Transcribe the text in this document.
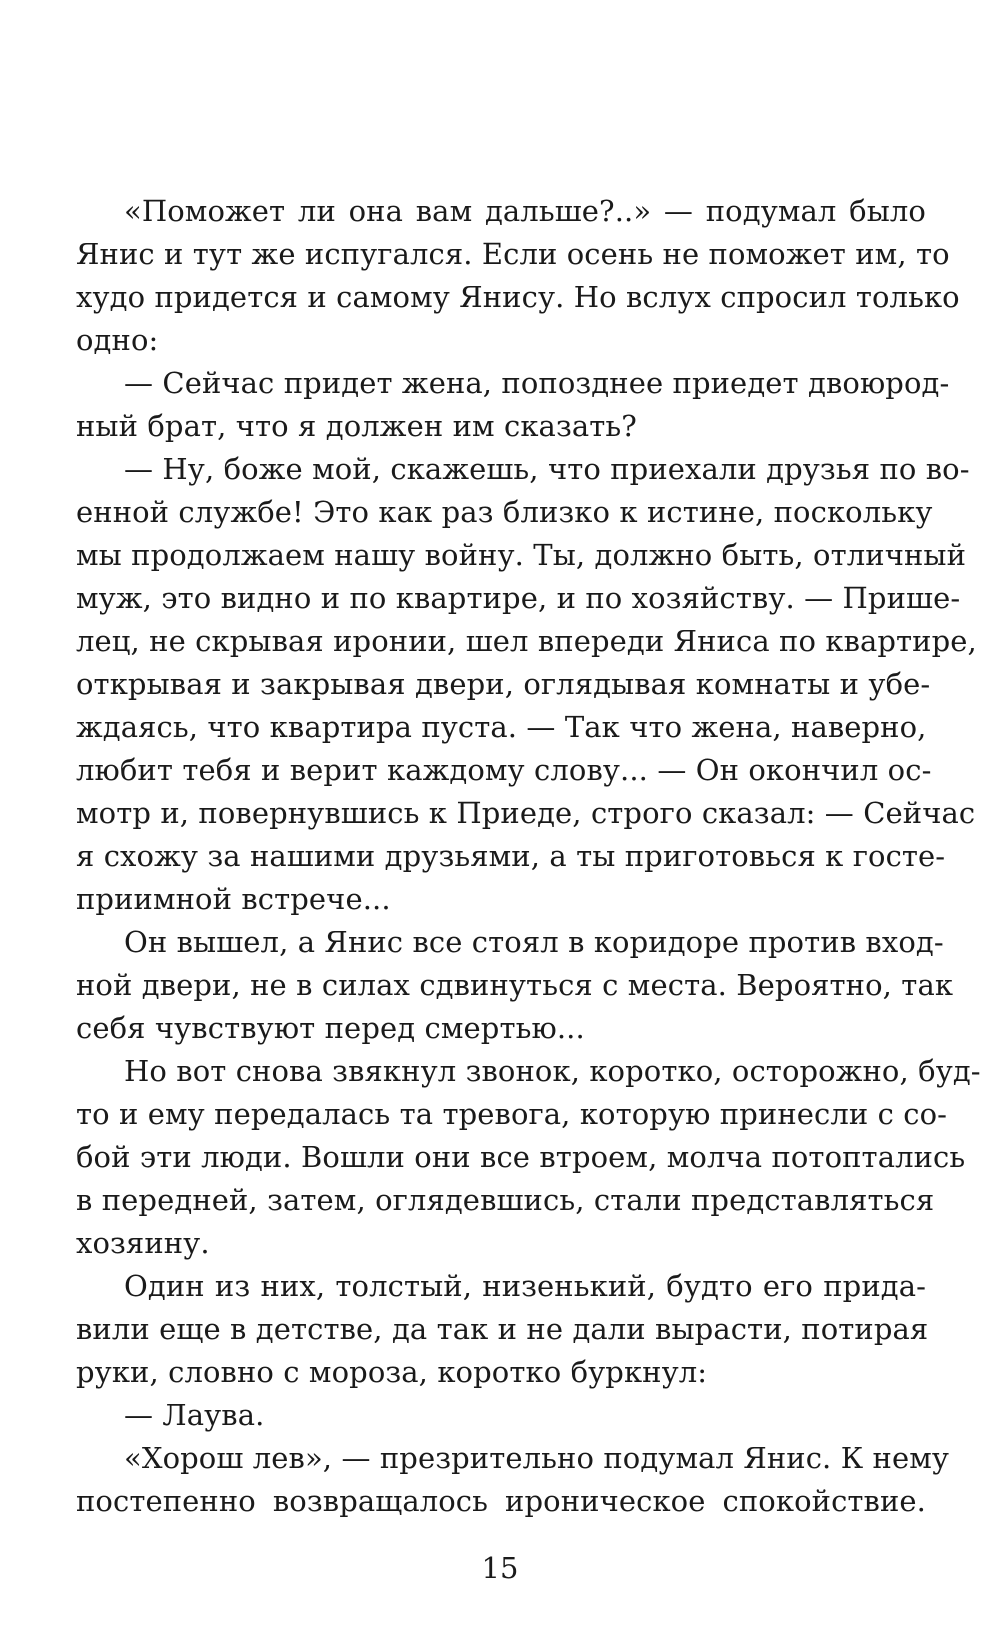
«Поможет ли она вам дальше?..» — подумал было
Янис и тут же испугался. Если осень не поможет им, то
худо придется и самому Янису. Но вслух спросил только
одно:
— Сейчас придет жена, попозднее приедет двоюрод-
ный брат, что я должен им сказать?
— Ну, боже мой, скажешь, что приехали друзья по во-
енной службе! Это как раз близко к истине, поскольку
мы продолжаем нашу войну. Ты, должно быть, отличный
муж, это видно и по квартире, и по хозяйству. — Прише-
лец, не скрывая иронии, шел впереди Яниса по квартире,
открывая и закрывая двери, оглядывая комнаты и убе-
ждаясь, что квартира пуста. — Так что жена, наверно,
любит тебя и верит каждому слову... — Он окончил ос-
мотр и, повернувшись к Приеде, строго сказал: — Сейчас
я схожу за нашими друзьями, а ты приготовься к госте-
приимной встрече...
Он вышел, а Янис все стоял в коридоре против вход-
ной двери, не в силах сдвинуться с места. Вероятно, так
себя чувствуют перед смертью...
Но вот снова звякнул звонок, коротко, осторожно, буд-
то и ему передалась та тревога, которую принесли с со-
бой эти люди. Вошли они все втроем, молча потоптались
в передней, затем, оглядевшись, стали представляться
хозяину.
Один из них, толстый, низенький, будто его прида-
вили еще в детстве, да так и не дали вырасти, потирая
руки, словно с мороза, коротко буркнул:
— Лаува.
«Хорош лев», — презрительно подумал Янис. К нему
постепенно возвращалось ироническое спокойствие.
15
